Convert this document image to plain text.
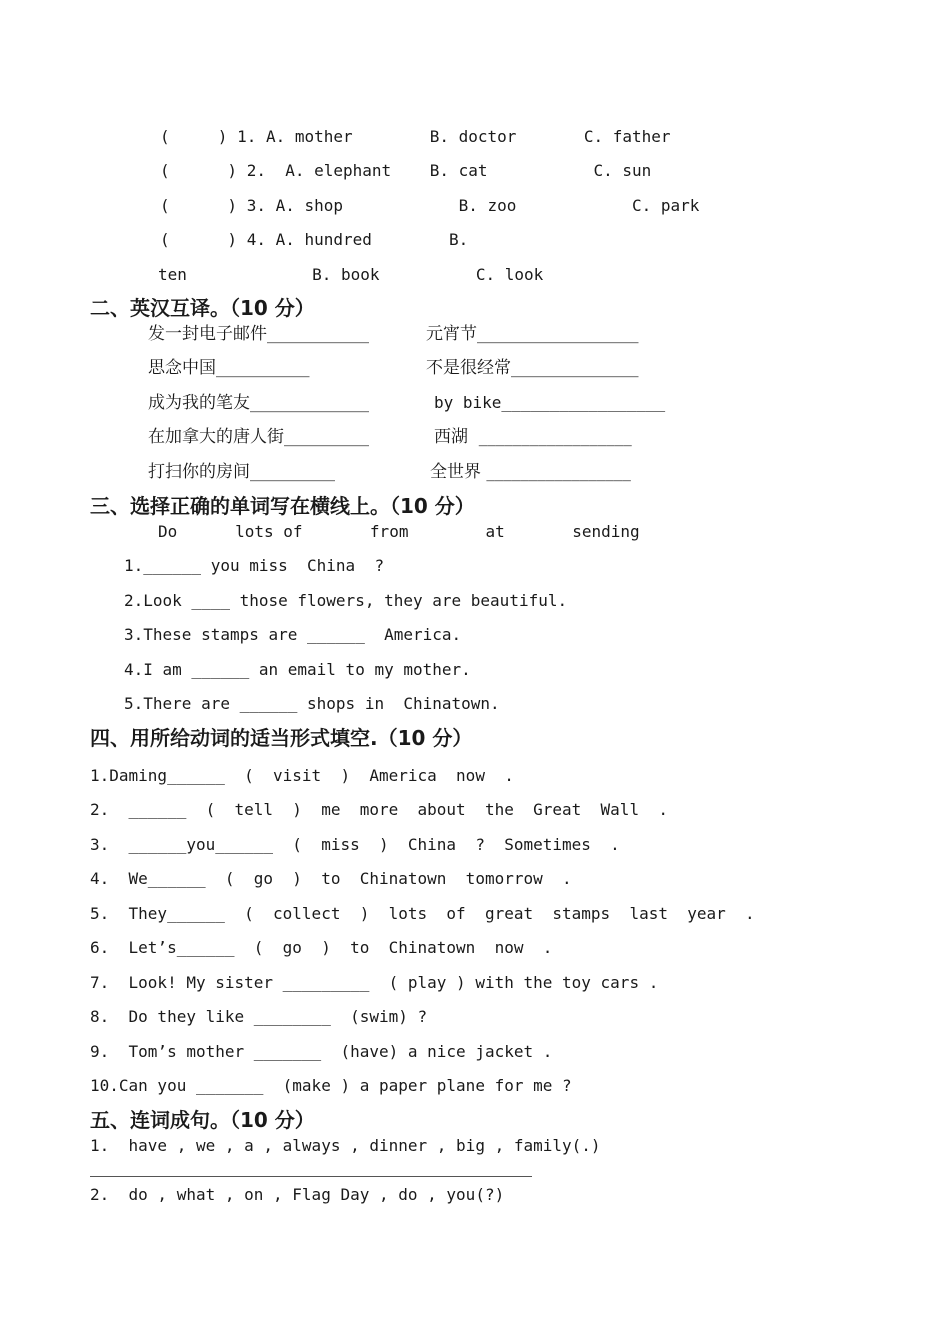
(     ) 1. A. mother        B. doctor       C. father
(      ) 2.  A. elephant    B. cat           C. sun
(      ) 3. A. shop            B. zoo            C. park
(      ) 4. A. hundred        B.
ten             B. book          C. look
二、英汉互译。（10 分）
发一封电子邮件____________	元宵节___________________
思念中国___________	不是很经常_______________
成为我的笔友______________	by bike_________________
在加拿大的唐人街__________	西湖  __________________
打扫你的房间__________	全世界 _________________
三、选择正确的单词写在横线上。（10 分）
Do      lots of       from        at       sending
1.______ you miss  China  ?
2.Look ____ those flowers, they are beautiful.
3.These stamps are ______  America.
4.I am ______ an email to my mother.
5.There are ______ shops in  Chinatown.
四、用所给动词的适当形式填空.（10 分）
1.Daming______  (  visit  )  America  now  .
2.  ______  (  tell  )  me  more  about  the  Great  Wall  .
3.  ______you______  (  miss  )  China  ?  Sometimes  .
4.  We______  (  go  )  to  Chinatown  tomorrow  .
5.  They______  (  collect  )  lots  of  great  stamps  last  year  .
6.  Let’s______  (  go  )  to  Chinatown  now  .
7.  Look! My sister _________  ( play ) with the toy cars .
8.  Do they like ________  (swim) ?
9.  Tom’s mother _______  (have) a nice jacket .
10.Can you _______  (make ) a paper plane for me ?
五、连词成句。（10 分）
1.  have , we , a , always , dinner , big , family(.)
2.  do , what , on , Flag Day , do , you(?)
